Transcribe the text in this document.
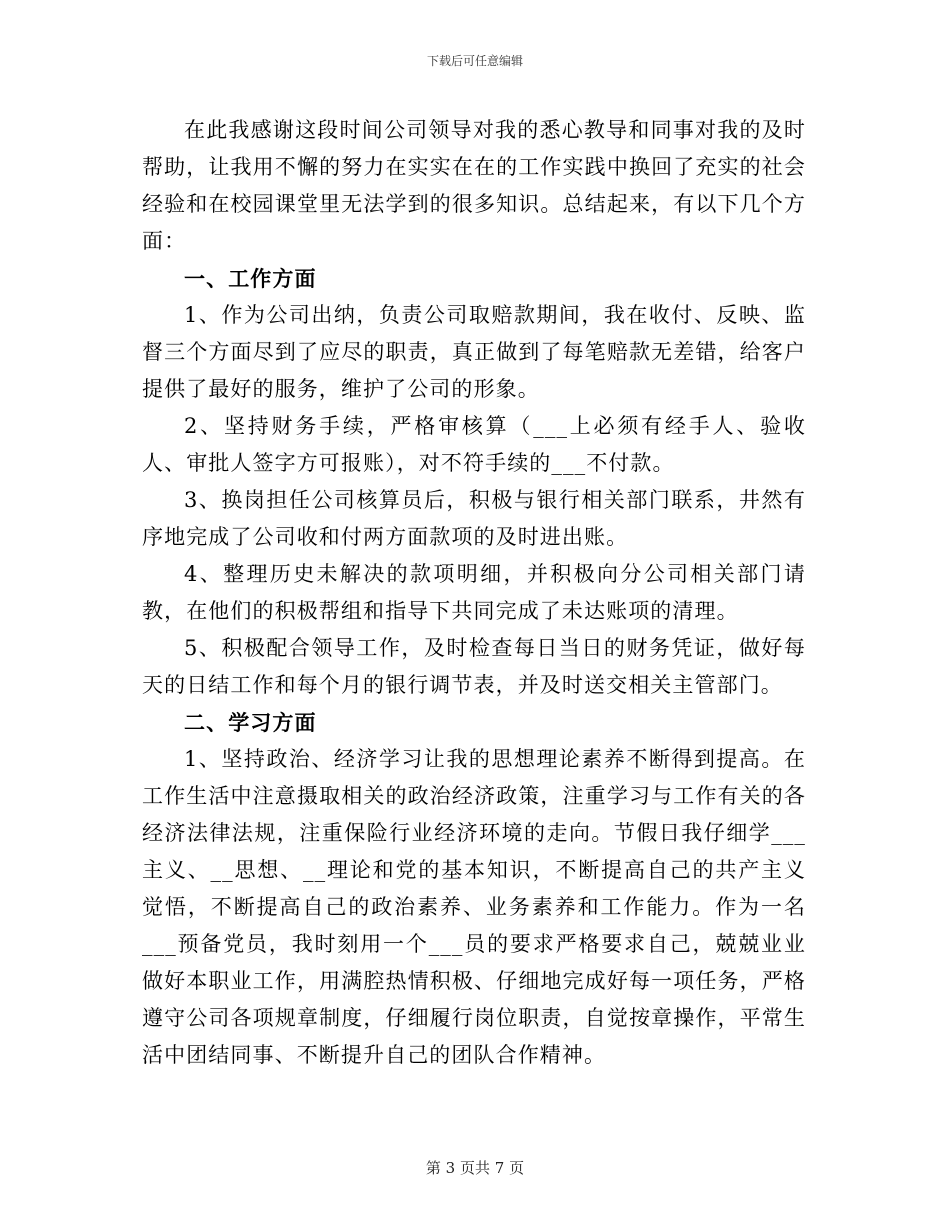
下载后可任意编辑

在此我感谢这段时间公司领导对我的悉心教导和同事对我的及时帮助，让我用不懈的努力在实实在在的工作实践中换回了充实的社会经验和在校园课堂里无法学到的很多知识。总结起来，有以下几个方面：

一、工作方面

1、作为公司出纳，负责公司取赔款期间，我在收付、反映、监督三个方面尽到了应尽的职责，真正做到了每笔赔款无差错，给客户提供了最好的服务，维护了公司的形象。

2、坚持财务手续，严格审核算（___上必须有经手人、验收人、审批人签字方可报账），对不符手续的___不付款。

3、换岗担任公司核算员后，积极与银行相关部门联系，井然有序地完成了公司收和付两方面款项的及时进出账。

4、整理历史未解决的款项明细，并积极向分公司相关部门请教，在他们的积极帮组和指导下共同完成了未达账项的清理。

5、积极配合领导工作，及时检查每日当日的财务凭证，做好每天的日结工作和每个月的银行调节表，并及时送交相关主管部门。

二、学习方面

1、坚持政治、经济学习让我的思想理论素养不断得到提高。在工作生活中注意摄取相关的政治经济政策，注重学习与工作有关的各经济法律法规，注重保险行业经济环境的走向。节假日我仔细学___主义、__思想、__理论和党的基本知识，不断提高自己的共产主义觉悟，不断提高自己的政治素养、业务素养和工作能力。作为一名___预备党员，我时刻用一个___员的要求严格要求自己，兢兢业业做好本职业工作，用满腔热情积极、仔细地完成好每一项任务，严格遵守公司各项规章制度，仔细履行岗位职责，自觉按章操作，平常生活中团结同事、不断提升自己的团队合作精神。

第 3 页共 7 页
